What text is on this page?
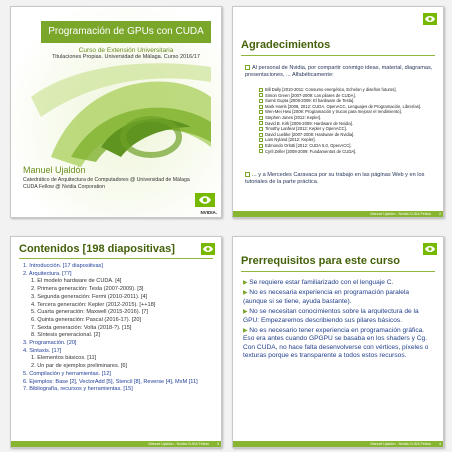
Programación de GPUs con CUDA
Curso de Extensión Universitaria
Titulaciones Propias. Universidad de Málaga. Curso 2016/17
Manuel Ujaldón
Catedrático de Arquitectura de Computadores @ Universidad de Málaga
CUDA Fellow @ Nvidia Corporation
NVIDIA.
Agradecimientos
Al personal de Nvidia, por compartir conmigo ideas, material, diagramas, presentaciones, ... Alfabéticamente:
Bill Dally [2010-2011: Consumo energético, Echelon y diseños futuros].
Simon Green [2007-2009: Los pilares de CUDA].
Sumit Gupta [2008-2009: El hardware de Tesla].
Mark Harris [2008, 2012: CUDA, OpenACC, Lenguajes de Programación, Librerías].
Wen-Mei Hwu [2009: Programación y trucos para mejorar el rendimiento].
Stephen Jones [2012: Kepler].
David B. Kirk [2008-2009: Hardware de Nvidia].
Timothy Lanfear [2012: Kepler y OpenACC].
David Luebke [2007-2008: Hardware de Nvidia].
Lars Nyland [2012: Kepler].
Edmondo Orlotti [2012: CUDA 5.0, OpenACC].
Cyril Zeller [2008-2009: Fundamentos de CUDA].
... y a Mercedes Caravaca por su trabajo en las páginas Web y en los tutoriales de la parte práctica.
Manuel Ujaldón - Nvidia CUDA Fellow 2
Contenidos [198 diapositivas]
1. Introducción. [17 diapositivas]
2. Arquitectura. [77]
1. El modelo hardware de CUDA. [4]
2. Primera generación: Tesla (2007-2009). [3]
3. Segunda generación: Fermi (2010-2011). [4]
4. Tercera generación: Kepler (2012-2015). [++18]
5. Cuarta generación: Maxwell (2015-2016). [7]
6. Quinta generación: Pascal (2016-17). [20]
7. Sexta generación: Volta (2018-?). [15]
8. Síntesis generacional. [2]
3. Programación. [20]
4. Sintaxis. [17]
1. Elementos básicos. [11]
2. Un par de ejemplos preliminares. [6]
5. Compilación y herramientas. [12]
6. Ejemplos: Base [2], VectorAdd [5], Stencil [8], Reverse [4], MxM [11]
7. Bibliografía, recursos y herramientas. [15]
Manuel Ujaldón - Nvidia CUDA Fellow 3
Prerrequisitos para este curso
▶ Se requiere estar familiarizado con el lenguaje C.
▶ No es necesaria experiencia en programación paralela (aunque si se tiene, ayuda bastante).
▶ No se necesitan conocimientos sobre la arquitectura de la GPU: Empezaremos describiendo sus pilares básicos.
▶ No es necesario tener experiencia en programación gráfica. Eso era antes cuando GPGPU se basaba en los shaders y Cg. Con CUDA, no hace falta desenvolverse con vértices, píxeles o texturas porque es transparente a todos estos recursos.
Manuel Ujaldón - Nvidia CUDA Fellow 4
